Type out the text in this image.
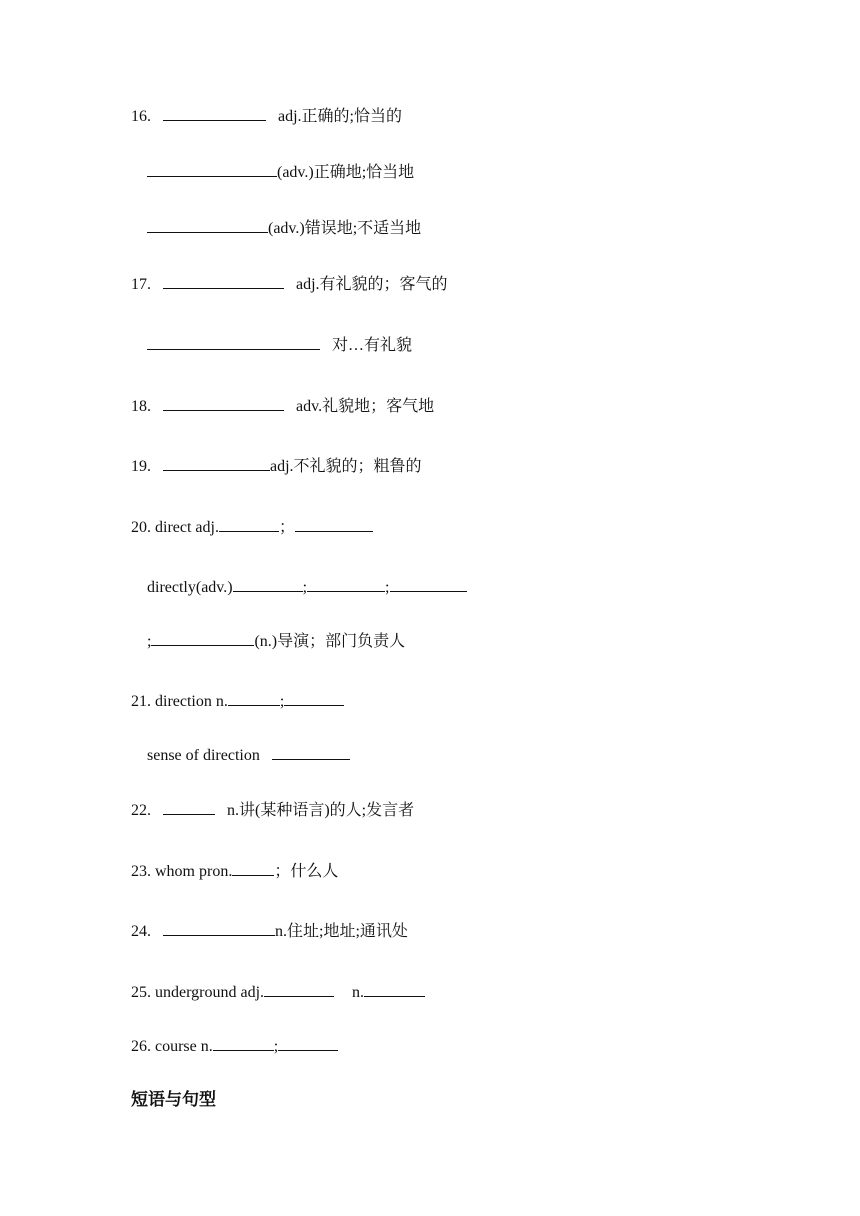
16.	adj.正确的;恰当的
(adv.)正确地;恰当地
(adv.)错误地;不适当地
17.	adj.有礼貌的；客气的
对…有礼貌
18.	adv.礼貌地；客气地
19.	adj.不礼貌的；粗鲁的
20. direct adj.	；
directly(adv.)	;	;
;	(n.)导演；部门负责人
21. direction n.	;
sense of direction
22.	n.讲(某种语言)的人;发言者
23. whom pron.	；什么人
24.	n.住址;地址;通讯处
25. underground adj.	n.
26. course n.	;
短语与句型
